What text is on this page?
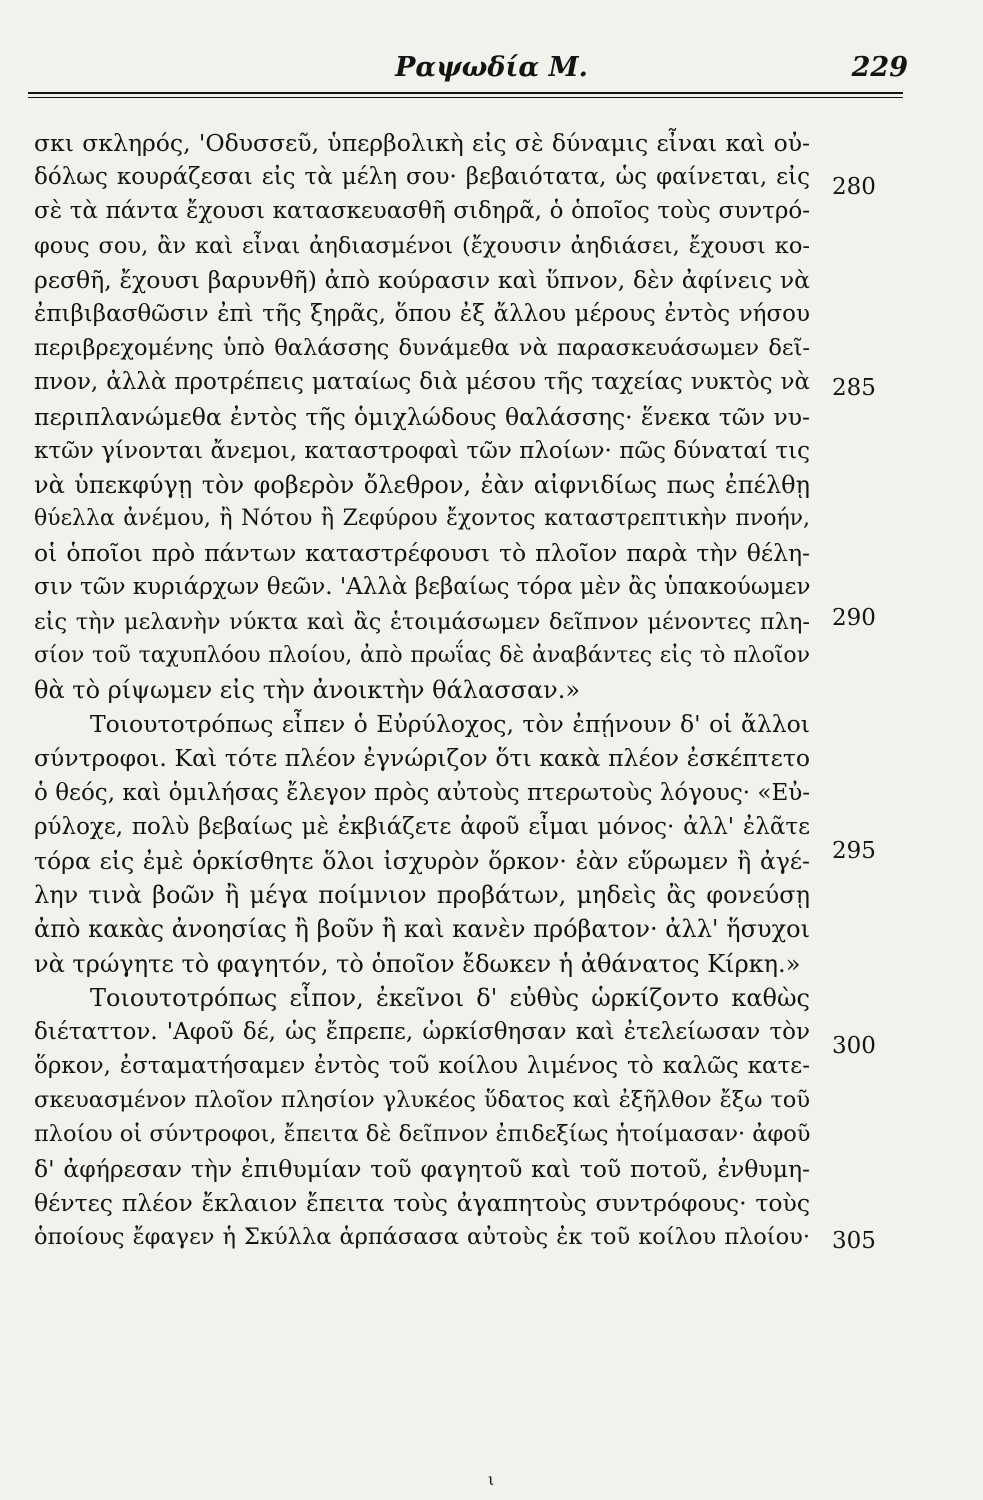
Ραψωδία Μ.	229
σκι σκληρός, 'Οδυσσεῦ, ὑπερβολικὴ εἰς σὲ δύναμις εἶναι καὶ οὐ-
δόλως κουράζεσαι εἰς τὰ μέλη σου· βεβαιότατα, ὡς φαίνεται, εἰς
σὲ τὰ πάντα ἔχουσι κατασκευασθῆ σιδηρᾶ, ὁ ὁποῖος τοὺς συντρό-
φους σου, ἂν καὶ εἶναι ἀηδιασμένοι (ἔχουσιν ἀηδιάσει, ἔχουσι κο-
ρεσθῆ, ἔχουσι βαρυνθῆ) ἀπὸ κούρασιν καὶ ὕπνον, δὲν ἀφίνεις νὰ
ἐπιβιβασθῶσιν ἐπὶ τῆς ξηρᾶς, ὅπου ἐξ ἄλλου μέρους ἐντὸς νήσου
περιβρεχομένης ὑπὸ θαλάσσης δυνάμεθα νὰ παρασκευάσωμεν δεῖ-
πνον, ἀλλὰ προτρέπεις ματαίως διὰ μέσου τῆς ταχείας νυκτὸς νὰ
περιπλανώμεθα ἐντὸς τῆς ὁμιχλώδους θαλάσσης· ἕνεκα τῶν νυ-
κτῶν γίνονται ἄνεμοι, καταστροφαὶ τῶν πλοίων· πῶς δύναταί τις
νὰ ὑπεκφύγῃ τὸν φοβερὸν ὄλεθρον, ἐὰν αἰφνιδίως πως ἐπέλθῃ
θύελλα ἀνέμου, ἢ Νότου ἢ Ζεφύρου ἔχοντος καταστρεπτικὴν πνοήν,
οἱ ὁποῖοι πρὸ πάντων καταστρέφουσι τὸ πλοῖον παρὰ τὴν θέλη-
σιν τῶν κυριάρχων θεῶν. 'Αλλὰ βεβαίως τόρα μὲν ἂς ὑπακούωμεν
εἰς τὴν μελανὴν νύκτα καὶ ἂς ἑτοιμάσωμεν δεῖπνον μένοντες πλη-
σίον τοῦ ταχυπλόου πλοίου, ἀπὸ πρωΐας δὲ ἀναβάντες εἰς τὸ πλοῖον
θὰ τὸ ρίψωμεν εἰς τὴν ἀνοικτὴν θάλασσαν.»
Τοιουτοτρόπως εἶπεν ὁ Εὐρύλοχος, τὸν ἐπῄνουν δ' οἱ ἄλλοι
σύντροφοι. Καὶ τότε πλέον ἐγνώριζον ὅτι κακὰ πλέον ἐσκέπτετο
ὁ θεός, καὶ ὁμιλήσας ἔλεγον πρὸς αὐτοὺς πτερωτοὺς λόγους· «Εὐ-
ρύλοχε, πολὺ βεβαίως μὲ ἐκβιάζετε ἀφοῦ εἶμαι μόνος· ἀλλ' ἐλᾶτε
τόρα εἰς ἐμὲ ὁρκίσθητε ὅλοι ἰσχυρὸν ὅρκον· ἐὰν εὕρωμεν ἢ ἀγέ-
λην τινὰ βοῶν ἢ μέγα ποίμνιον προβάτων, μηδεὶς ἂς φονεύσῃ
ἀπὸ κακὰς ἀνοησίας ἢ βοῦν ἢ καὶ κανὲν πρόβατον· ἀλλ' ἥσυχοι
νὰ τρώγητε τὸ φαγητόν, τὸ ὁποῖον ἔδωκεν ἡ ἀθάνατος Κίρκη.»
Τοιουτοτρόπως εἶπον, ἐκεῖνοι δ' εὐθὺς ὡρκίζοντο καθὼς
διέταττον. 'Αφοῦ δέ, ὡς ἔπρεπε, ὡρκίσθησαν καὶ ἐτελείωσαν τὸν
ὅρκον, ἐσταματήσαμεν ἐντὸς τοῦ κοίλου λιμένος τὸ καλῶς κατε-
σκευασμένον πλοῖον πλησίον γλυκέος ὕδατος καὶ ἐξῆλθον ἔξω τοῦ
πλοίου οἱ σύντροφοι, ἔπειτα δὲ δεῖπνον ἐπιδεξίως ἡτοίμασαν· ἀφοῦ
δ' ἀφήρεσαν τὴν ἐπιθυμίαν τοῦ φαγητοῦ καὶ τοῦ ποτοῦ, ἐνθυμη-
θέντες πλέον ἔκλαιον ἔπειτα τοὺς ἀγαπητοὺς συντρόφους· τοὺς
ὁποίους ἔφαγεν ἡ Σκύλλα ἁρπάσασα αὐτοὺς ἐκ τοῦ κοίλου πλοίου·
280
285
290
295
300
305
ι
